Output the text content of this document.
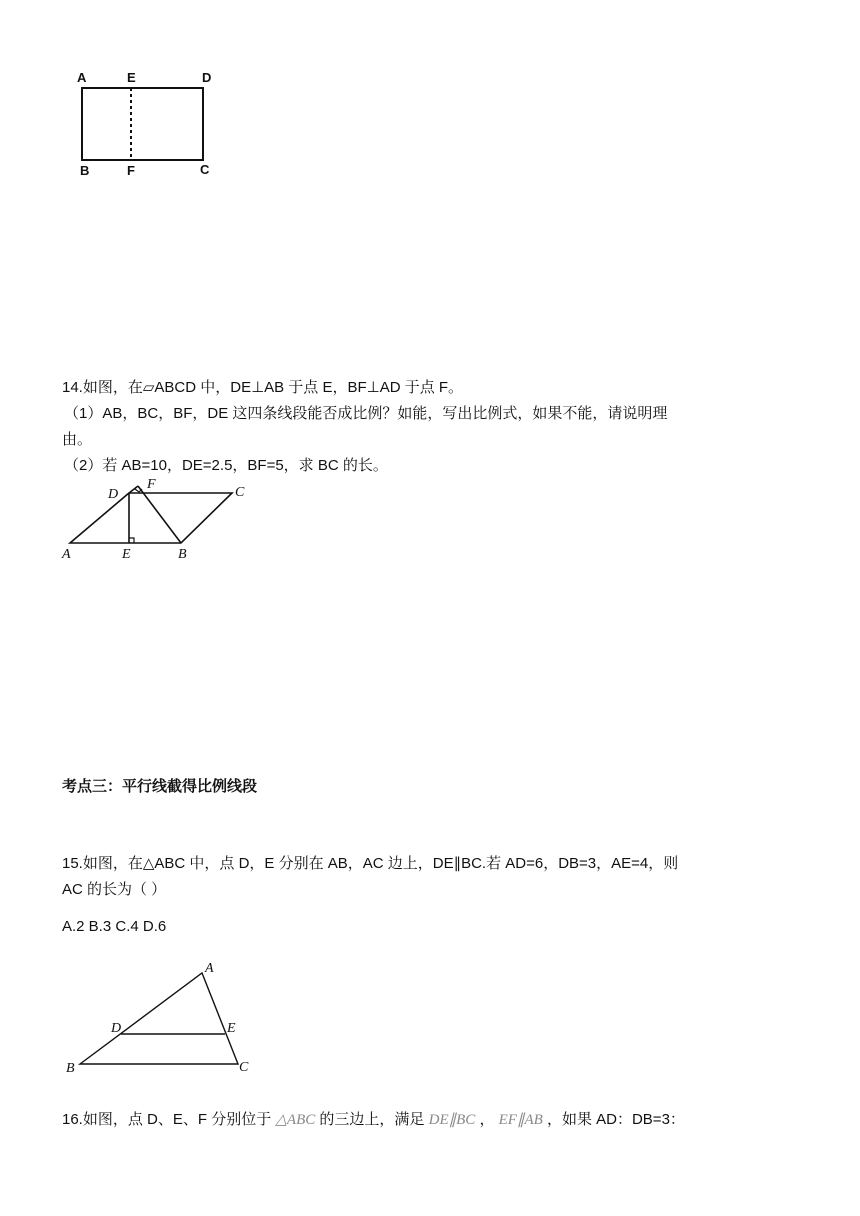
A	E	D
B	F	C
14.如图，在▱ABCD 中，DE⊥AB 于点 E，BF⊥AD 于点 F。
（1）AB，BC，BF，DE 这四条线段能否成比例？如能，写出比例式，如果不能，请说明理
由。
（2）若 AB=10，DE=2.5，BF=5，求 BC 的长。
A	E	B
C
D
F
考点三：平行线截得比例线段
15.如图，在△ABC 中，点 D，E 分别在 AB，AC 边上，DE∥BC.若 AD=6，DB=3，AE=4，则
AC 的长为（ ）
A.2 B.3 C.4 D.6
A
B	C
D	E
16.如图，点 D、E、F 分别位于 △ABC 的三边上，满足 DE∥BC ， EF∥AB ，如果 AD：DB=3：
